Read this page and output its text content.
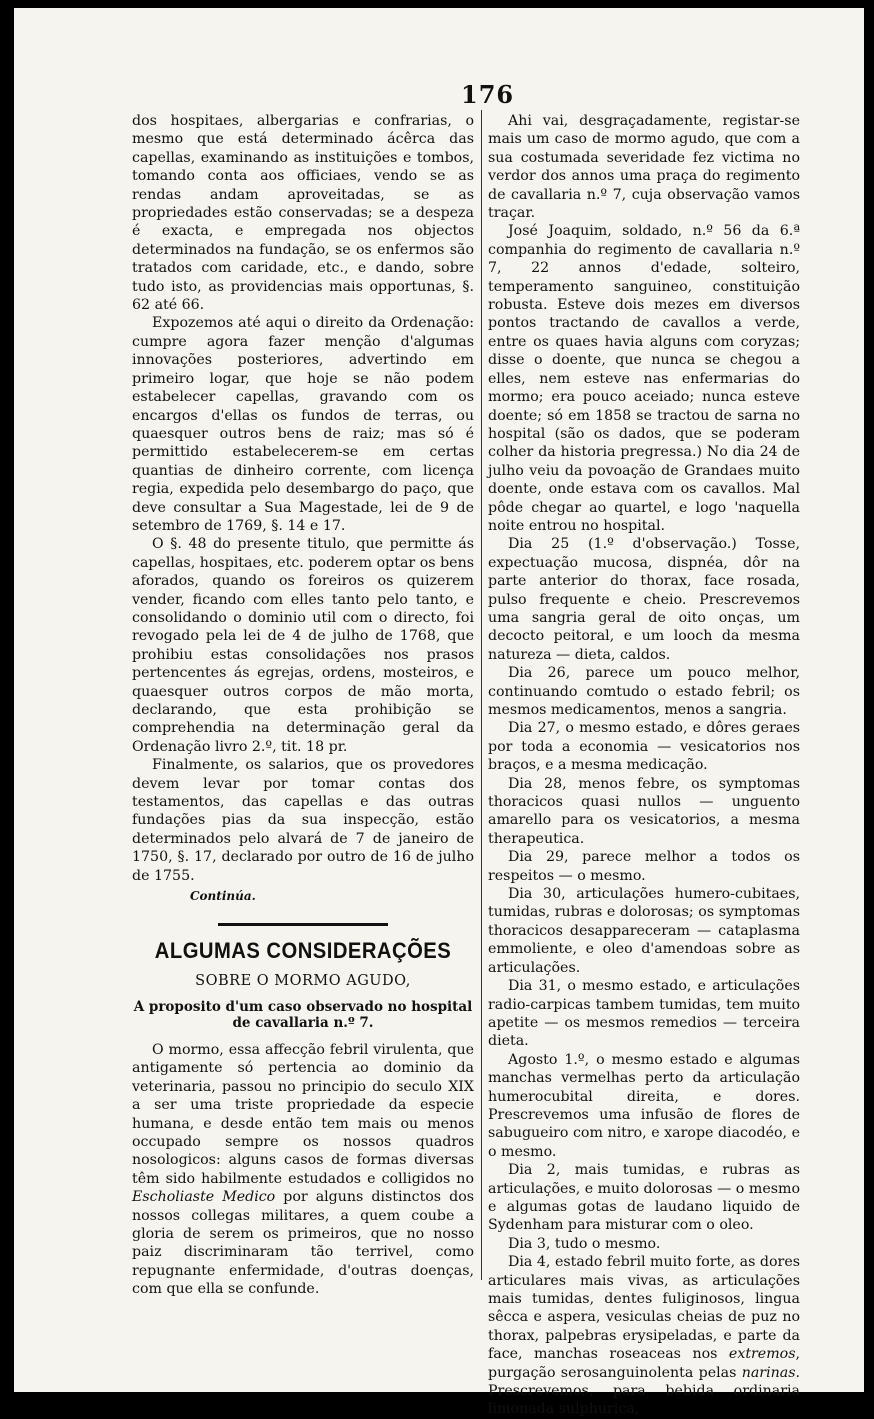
176

dos hospitaes, albergarias e confrarias, o mesmo que está determinado ácêrca das capellas, examinando as instituições e tombos, tomando conta aos officiaes, vendo se as rendas andam aproveitadas, se as propriedades estão conservadas; se a despeza é exacta, e empregada nos objectos determinados na fundação, se os enfermos são tratados com caridade, etc., e dando, sobre tudo isto, as providencias mais opportunas, §. 62 até 66.

Expozemos até aqui o direito da Ordenação: cumpre agora fazer menção d'algumas innovações posteriores, advertindo em primeiro logar, que hoje se não podem estabelecer capellas, gravando com os encargos d'ellas os fundos de terras, ou quaesquer outros bens de raiz; mas só é permittido estabelecerem-se em certas quantias de dinheiro corrente, com licença regia, expedida pelo desembargo do paço, que deve consultar a Sua Magestade, lei de 9 de setembro de 1769, §. 14 e 17.

O §. 48 do presente titulo, que permitte ás capellas, hospitaes, etc. poderem optar os bens aforados, quando os foreiros os quizerem vender, ficando com elles tanto pelo tanto, e consolidando o dominio util com o directo, foi revogado pela lei de 4 de julho de 1768, que prohibiu estas consolidações nos prasos pertencentes ás egrejas, ordens, mosteiros, e quaesquer outros corpos de mão morta, declarando, que esta prohibição se comprehendia na determinação geral da Ordenação livro 2.º, tit. 18 pr.

Finalmente, os salarios, que os provedores devem levar por tomar contas dos testamentos, das capellas e das outras fundações pias da sua inspecção, estão determinados pelo alvará de 7 de janeiro de 1750, §. 17, declarado por outro de 16 de julho de 1755.

Continúa.

ALGUMAS CONSIDERAÇÕES
SOBRE O MORMO AGUDO,
A proposito d'um caso observado no hospital de cavallaria n.º 7.

O mormo, essa affecção febril virulenta, que antigamente só pertencia ao dominio da veterinaria, passou no principio do seculo XIX a ser uma triste propriedade da especie humana, e desde então tem mais ou menos occupado sempre os nossos quadros nosologicos: alguns casos de formas diversas têm sido habilmente estudados e colligidos no Escholiaste Medico por alguns distinctos dos nossos collegas militares, a quem coube a gloria de serem os primeiros, que no nosso paiz discriminaram tão terrivel, como repugnante enfermidade, d'outras doenças, com que ella se confunde.

Ahi vai, desgraçadamente, registar-se mais um caso de mormo agudo, que com a sua costumada severidade fez victima no verdor dos annos uma praça do regimento de cavallaria n.º 7, cuja observação vamos traçar.

José Joaquim, soldado, n.º 56 da 6.ª companhia do regimento de cavallaria n.º 7, 22 annos d'edade, solteiro, temperamento sanguineo, constituição robusta. Esteve dois mezes em diversos pontos tractando de cavallos a verde, entre os quaes havia alguns com coryzas; disse o doente, que nunca se chegou a elles, nem esteve nas enfermarias do mormo; era pouco aceiado; nunca esteve doente; só em 1858 se tractou de sarna no hospital (são os dados, que se poderam colher da historia pregressa.) No dia 24 de julho veiu da povoação de Grandaes muito doente, onde estava com os cavallos. Mal pôde chegar ao quartel, e logo 'naquella noite entrou no hospital.

Dia 25 (1.º d'observação.) Tosse, expectuação mucosa, dispnéa, dôr na parte anterior do thorax, face rosada, pulso frequente e cheio. Prescrevemos uma sangria geral de oito onças, um decocto peitoral, e um looch da mesma natureza — dieta, caldos.

Dia 26, parece um pouco melhor, continuando comtudo o estado febril; os mesmos medicamentos, menos a sangria.

Dia 27, o mesmo estado, e dôres geraes por toda a economia — vesicatorios nos braços, e a mesma medicação.

Dia 28, menos febre, os symptomas thoracicos quasi nullos — unguento amarello para os vesicatorios, a mesma therapeutica.

Dia 29, parece melhor a todos os respeitos — o mesmo.

Dia 30, articulações humero-cubitaes, tumidas, rubras e dolorosas; os symptomas thoracicos desappareceram — cataplasma emmoliente, e oleo d'amendoas sobre as articulações.

Dia 31, o mesmo estado, e articulações radio-carpicas tambem tumidas, tem muito apetite — os mesmos remedios — terceira dieta.

Agosto 1.º, o mesmo estado e algumas manchas vermelhas perto da articulação humerocubital direita, e dores. Prescrevemos uma infusão de flores de sabugueiro com nitro, e xarope diacodéo, e o mesmo.

Dia 2, mais tumidas, e rubras as articulações, e muito dolorosas — o mesmo e algumas gotas de laudano liquido de Sydenham para misturar com o oleo.

Dia 3, tudo o mesmo.

Dia 4, estado febril muito forte, as dores articulares mais vivas, as articulações mais tumidas, dentes fuliginosos, lingua sêcca e aspera, vesiculas cheias de puz no thorax, palpebras erysipeladas, e parte da face, manchas roseaceas nos extremos, purgação serosanguinolenta pelas narinas. Prescrevemos, para bebida ordinaria limonada sulphurica,
